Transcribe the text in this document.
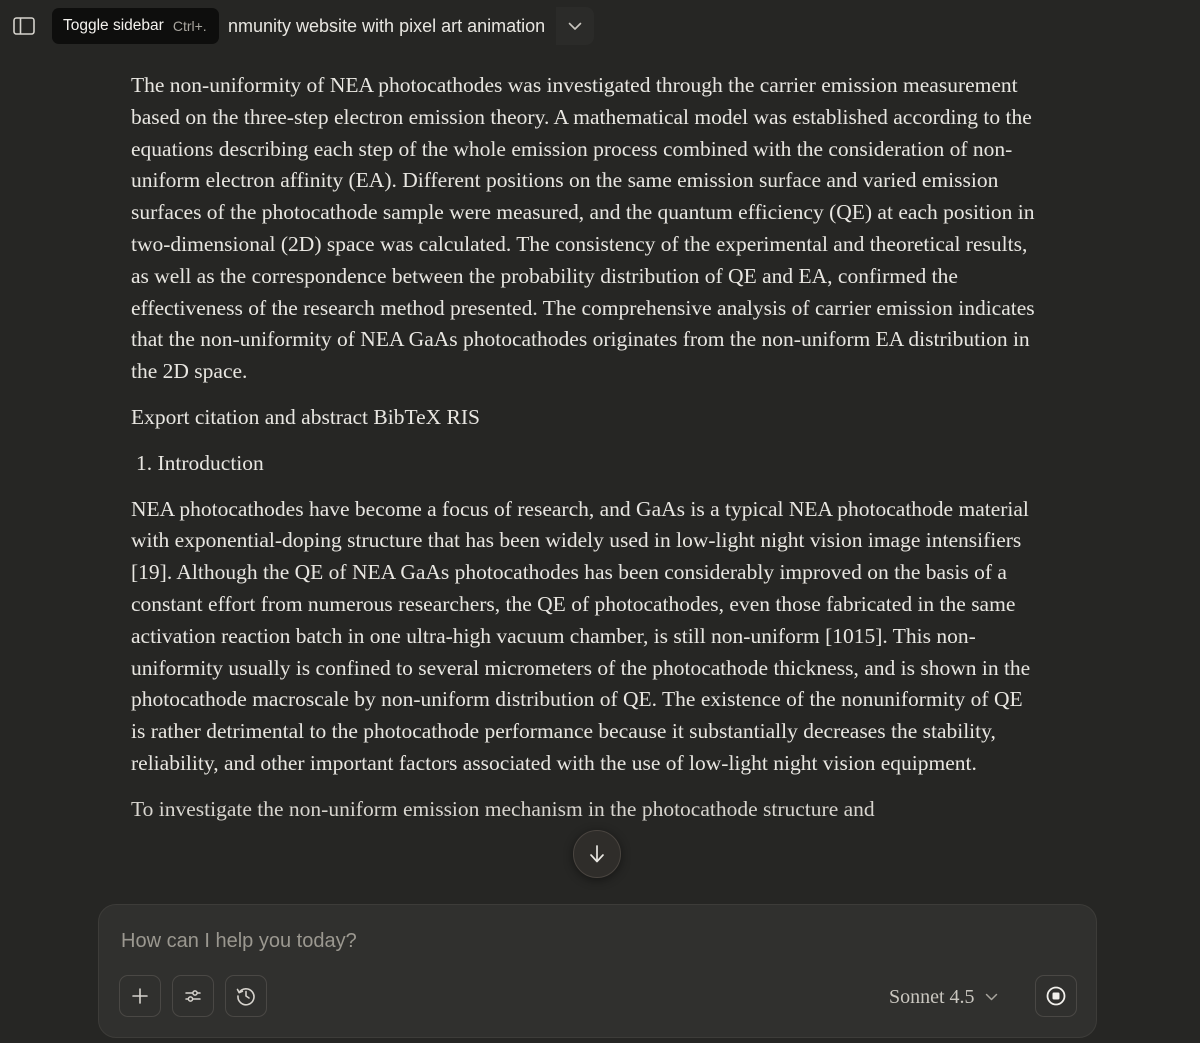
nmunity website with pixel art animation
Toggle sidebar Ctrl+.

The non-uniformity of NEA photocathodes was investigated through the carrier emission measurement based on the three-step electron emission theory. A mathematical model was established according to the equations describing each step of the whole emission process combined with the consideration of non-uniform electron affinity (EA). Different positions on the same emission surface and varied emission surfaces of the photocathode sample were measured, and the quantum efficiency (QE) at each position in two-dimensional (2D) space was calculated. The consistency of the experimental and theoretical results, as well as the correspondence between the probability distribution of QE and EA, confirmed the effectiveness of the research method presented. The comprehensive analysis of carrier emission indicates that the non-uniformity of NEA GaAs photocathodes originates from the non-uniform EA distribution in the 2D space.

Export citation and abstract BibTeX RIS

1. Introduction

NEA photocathodes have become a focus of research, and GaAs is a typical NEA photocathode material with exponential-doping structure that has been widely used in low-light night vision image intensifiers [19]. Although the QE of NEA GaAs photocathodes has been considerably improved on the basis of a constant effort from numerous researchers, the QE of photocathodes, even those fabricated in the same activation reaction batch in one ultra-high vacuum chamber, is still non-uniform [1015]. This non-uniformity usually is confined to several micrometers of the photocathode thickness, and is shown in the photocathode macroscale by non-uniform distribution of QE. The existence of the nonuniformity of QE is rather detrimental to the photocathode performance because it substantially decreases the stability, reliability, and other important factors associated with the use of low-light night vision equipment.

To investigate the non-uniform emission mechanism in the photocathode structure and

How can I help you today?
Sonnet 4.5
